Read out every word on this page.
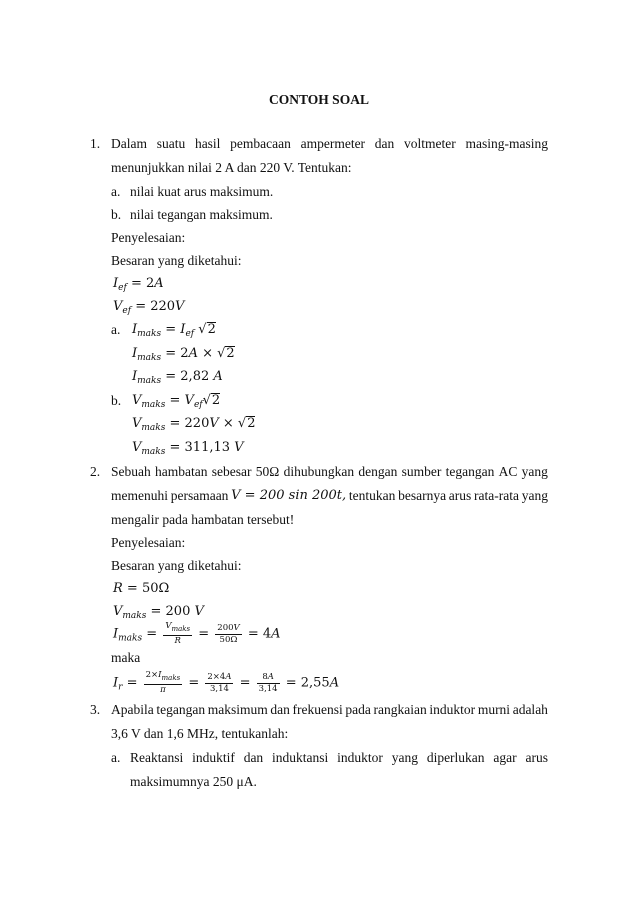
CONTOH SOAL
1. Dalam suatu hasil pembacaan ampermeter dan voltmeter masing-masing
menunjukkan nilai 2 A dan 220 V. Tentukan:
a. nilai kuat arus maksimum.
b. nilai tegangan maksimum.
Penyelesaian:
Besaran yang diketahui:
$I_{ef} = 2A$
$V_{ef} = 220V$
a. $I_{maks} = I_{ef}$ √2
$I_{maks} = 2A \times √2$
$I_{maks} = 2,82$ A
b. $V_{maks} = V_{ef}√2$
$V_{maks} = 220V \times √2$
$V_{maks} = 311,13$ V
2. Sebuah hambatan sebesar 50Ω dihubungkan dengan sumber tegangan AC yang
memenuhi persamaan V = 200 sin 200t, tentukan besarnya arus rata-rata yang
mengalir pada hambatan tersebut!
Penyelesaian:
Besaran yang diketahui:
R = 50Ω
$V_{maks} = 200$ V
$I_{maks} = \frac{V_{maks}}{R} = \frac{200V}{50\Omega} = 4A$
maka
$I_r = \frac{2\times I_{maks}}{\pi} = \frac{2\times 4A}{3,14} = \frac{8A}{3,14} = 2,55A$
3. Apabila tegangan maksimum dan frekuensi pada rangkaian induktor murni adalah
3,6 V dan 1,6 MHz, tentukanlah:
a. Reaktansi induktif dan induktansi induktor yang diperlukan agar arus
maksimumnya 250 μA.
